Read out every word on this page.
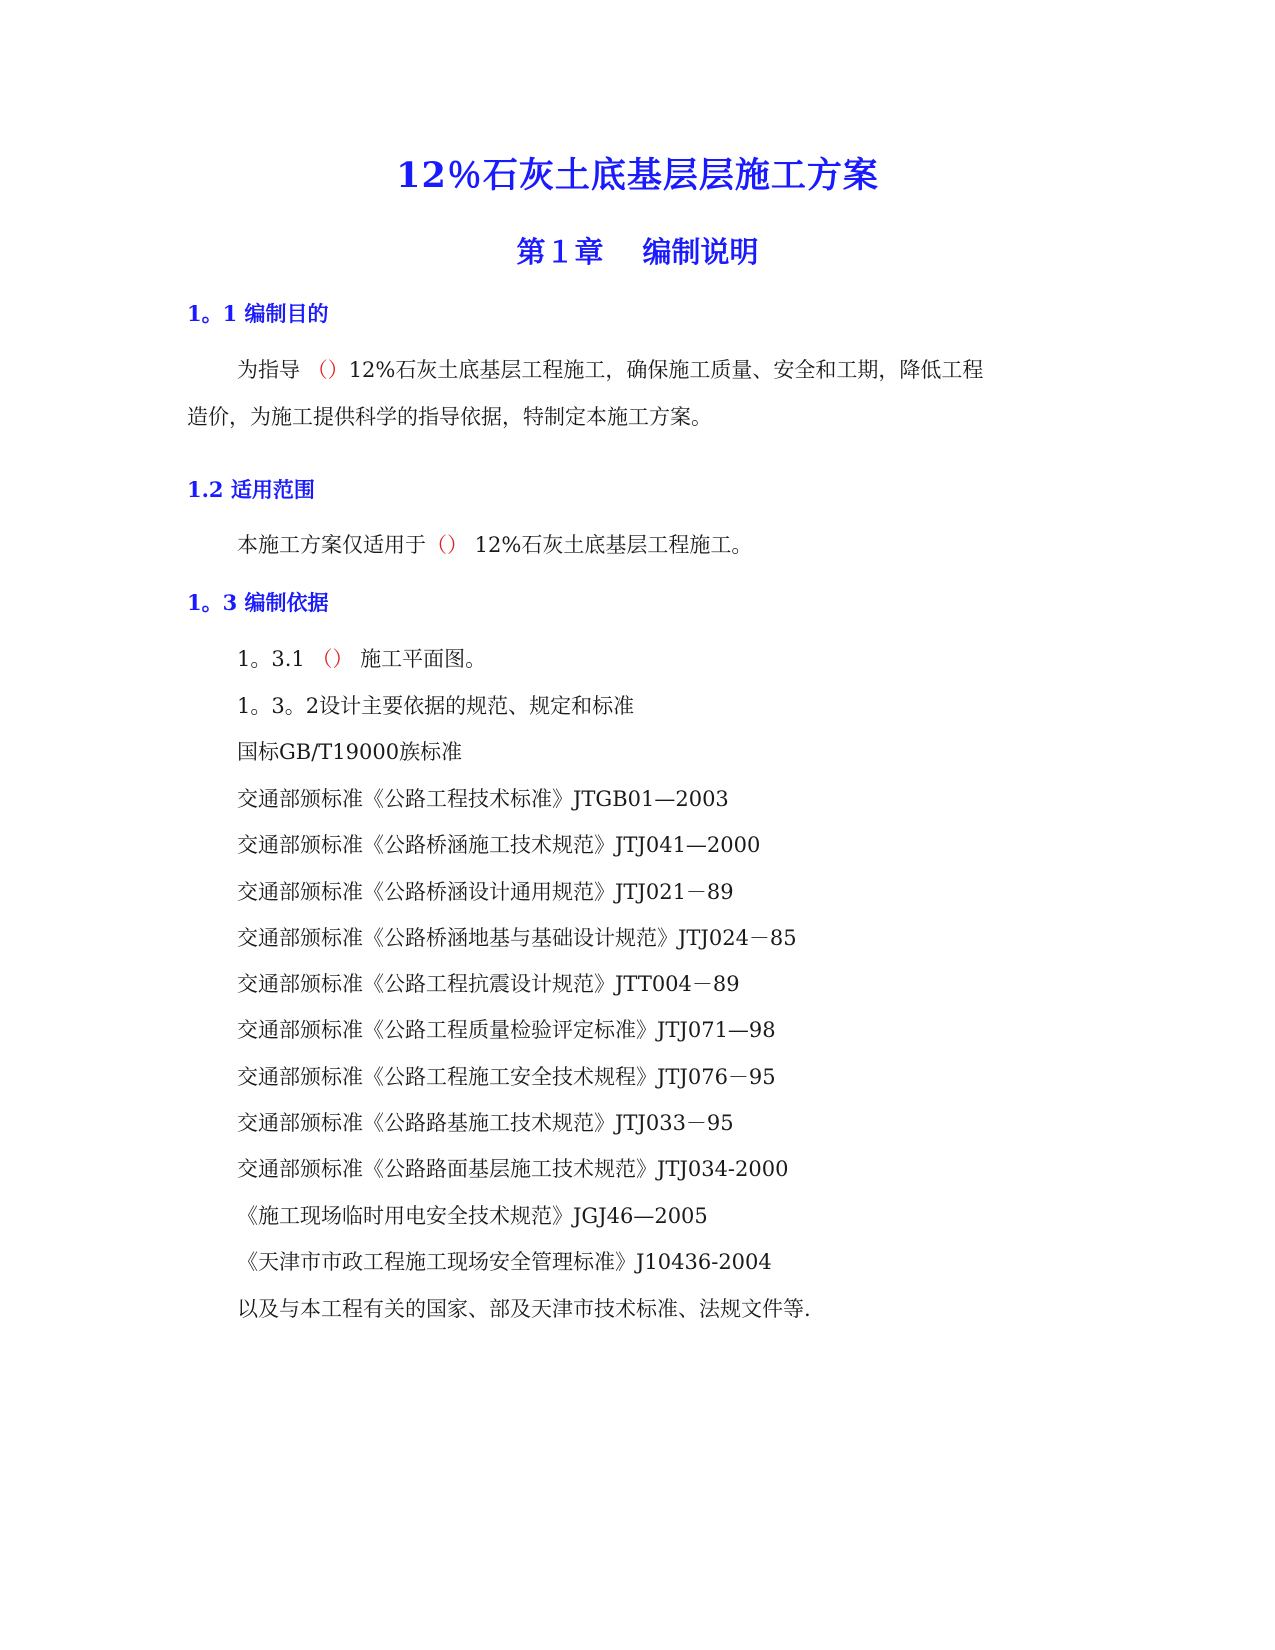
12％石灰土底基层层施工方案
第１章　 编制说明
1。1 编制目的

为指导 （）12%石灰土底基层工程施工，确保施工质量、安全和工期，降低工程

造价，为施工提供科学的指导依据，特制定本施工方案。

1.2 适用范围

本施工方案仅适用于（） 12%石灰土底基层工程施工。

1。3 编制依据

1。3.1 （） 施工平面图。

1。3。2设计主要依据的规范、规定和标准

国标GB/T19000族标准

交通部颁标准《公路工程技术标准》JTGB01—2003

交通部颁标准《公路桥涵施工技术规范》JTJ041—2000

交通部颁标准《公路桥涵设计通用规范》JTJ021－89

交通部颁标准《公路桥涵地基与基础设计规范》JTJ024－85

交通部颁标准《公路工程抗震设计规范》JTT004－89

交通部颁标准《公路工程质量检验评定标准》JTJ071—98

交通部颁标准《公路工程施工安全技术规程》JTJ076－95

交通部颁标准《公路路基施工技术规范》JTJ033－95

交通部颁标准《公路路面基层施工技术规范》JTJ034-2000

《施工现场临时用电安全技术规范》JGJ46—2005

《天津市市政工程施工现场安全管理标准》J10436-2004

以及与本工程有关的国家、部及天津市技术标准、法规文件等.
